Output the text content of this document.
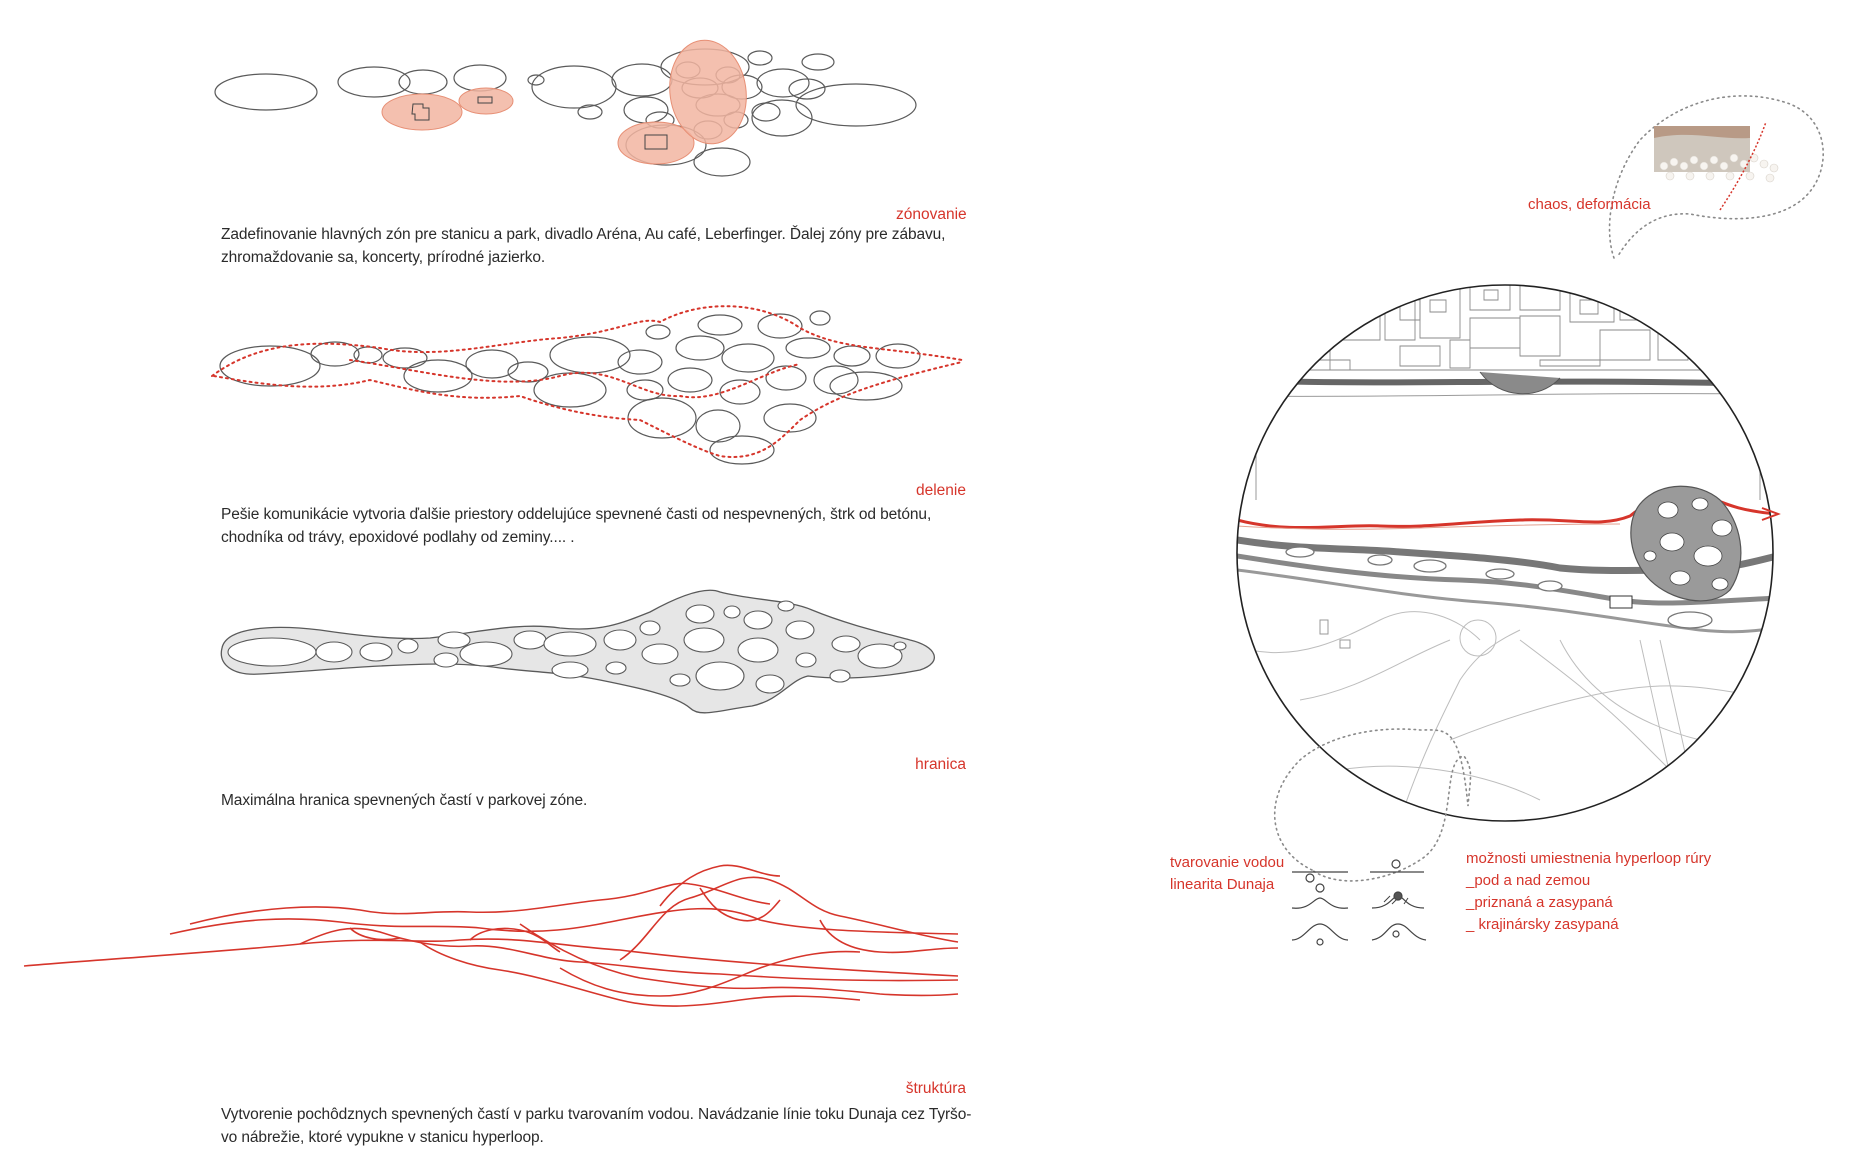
zónovanie
Zadefinovanie hlavných zón pre stanicu a park, divadlo Aréna, Au café, Leberfinger. Ďalej zóny pre zábavu,
zhromaždovanie sa, koncerty, prírodné jazierko.
delenie
Pešie komunikácie vytvoria ďalšie priestory oddelujúce spevnené časti od nespevnených, štrk od betónu,
chodníka od trávy, epoxidové podlahy od zeminy.... .
hranica
Maximálna hranica spevnených častí v parkovej zóne.
štruktúra
Vytvorenie pochôdznych spevnených častí v parku tvarovaním vodou. Navádzanie línie toku Dunaja cez Tyršo-
vo nábrežie, ktoré vypukne v stanicu hyperloop.
chaos, deformácia
tvarovanie vodou
linearita Dunaja
možnosti umiestnenia hyperloop rúry
_pod a nad zemou
_priznaná a zasypaná
_ krajinársky zasypaná
